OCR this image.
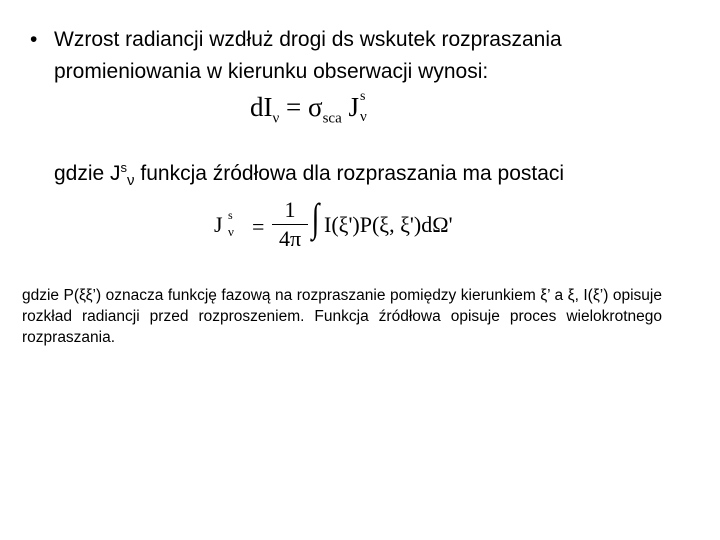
• Wzrost radiancji wzdłuż drogi ds wskutek rozpraszania
promieniowania w kierunku obserwacji wynosi:
$dI_\nu = \sigma_{sca}$ J s
ν
gdzie $J^s_\nu$ funkcja źródłowa dla rozpraszania ma postaci
J s
ν =
1
4π ∫ I(ξ')P(ξ, ξ')dΩ'
gdzie P(ξξ’) oznacza funkcję fazową na rozpraszanie pomiędzy kierunkiem ξ’ a ξ, I(ξ’) opisuje rozkład radiancji przed rozproszeniem. Funkcja źródłowa opisuje proces wielokrotnego rozpraszania.
